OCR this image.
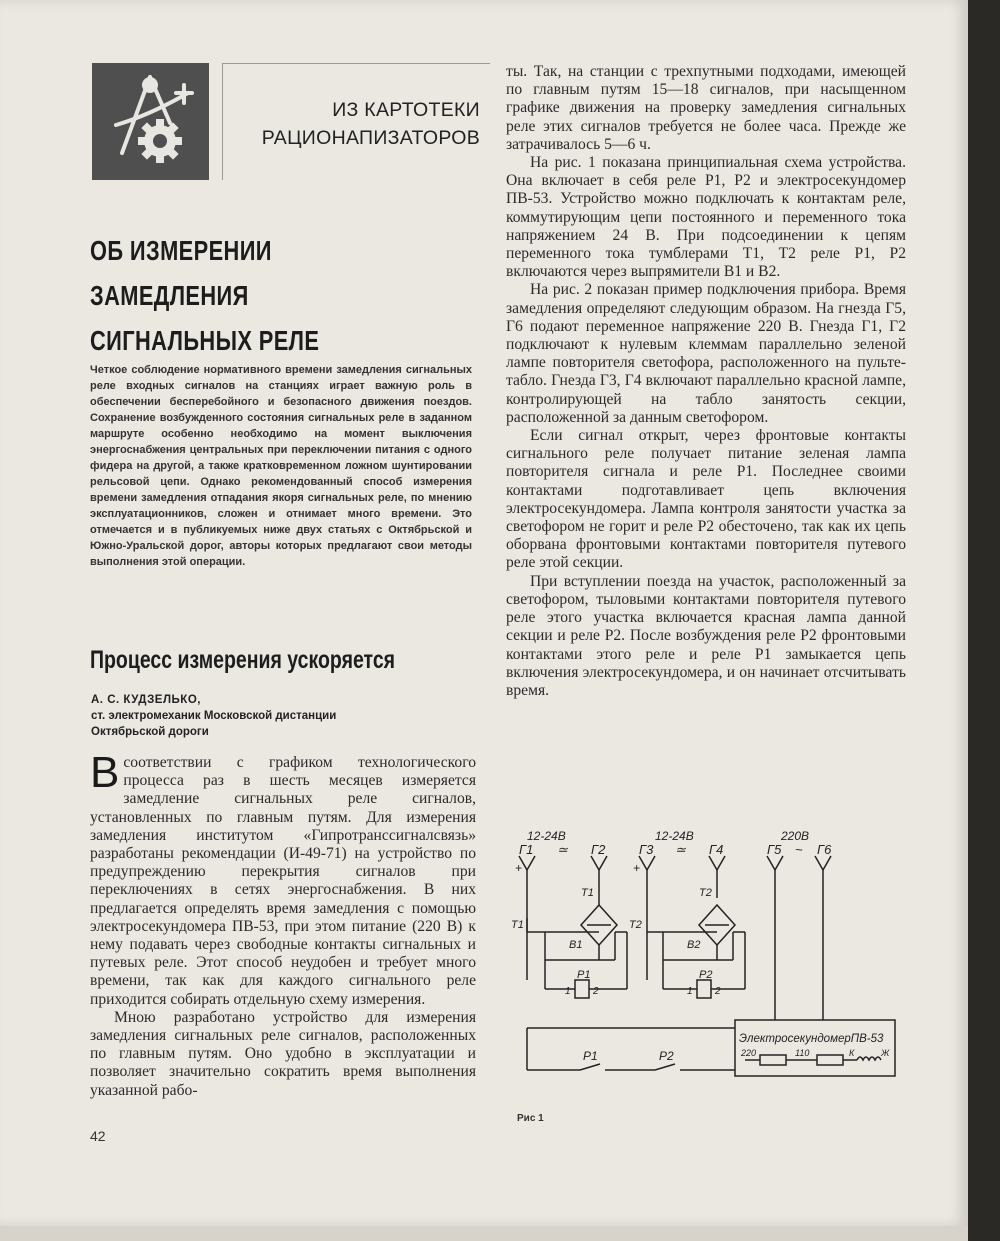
ИЗ КАРТОТЕКИ
РАЦИОНАПИЗАТОРОВ
ОБ ИЗМЕРЕНИИ ЗАМЕДЛЕНИЯ
СИГНАЛЬНЫХ РЕЛЕ
Четкое соблюдение нормативного времени замедления сигнальных реле входных сигналов на станциях играет важную роль в обеспечении бесперебойного и безопасного движения поездов. Сохранение возбужденного состояния сигнальных реле в заданном маршруте особенно необходимо на момент выключения энергоснабжения центральных при переключении питания с одного фидера на другой, а также кратковременном ложном шунтировании рельсовой цепи. Однако рекомендованный способ измерения времени замедления отпадания якоря сигнальных реле, по мнению эксплуатационников, сложен и отнимает много времени. Это отмечается и в публикуемых ниже двух статьях с Октябрьской и Южно-Уральской дорог, авторы которых предлагают свои методы выполнения этой операции.
Процесс измерения ускоряется
А. С. КУДЗЕЛЬКО,
ст. электромеханик Московской дистанции
Октябрьской дороги

Всоответствии с графиком технологического процесса раз в шесть месяцев измеряется замедление сигнальных реле сигналов, установленных по главным путям. Для измерения замедления институтом «Гипротранссигналсвязь» разработаны рекомендации (И-49-71) на устройство по предупреждению перекрытия сигналов при переключениях в сетях энергоснабжения. В них предлагается определять время замедления с помощью электросекундомера ПВ-53, при этом питание (220 В) к нему подавать через свободные контакты сигнальных и путевых реле. Этот способ неудобен и требует много времени, так как для каждого сигнального реле приходится собирать отдельную схему измерения.

Мною разработано устройство для измерения замедления сигнальных реле сигналов, расположенных по главным путям. Оно удобно в эксплуатации и позволяет значительно сократить время выполнения указанной рабо-

ты. Так, на станции с трехпутными подходами, имеющей по главным путям 15—18 сигналов, при насыщенном графике движения на проверку замедления сигнальных реле этих сигналов требуется не более часа. Прежде же затрачивалось 5—6 ч.

На рис. 1 показана принципиальная схема устройства. Она включает в себя реле Р1, Р2 и электросекундомер ПВ-53. Устройство можно подключать к контактам реле, коммутирующим цепи постоянного и переменного тока напряжением 24 В. При подсоединении к цепям переменного тока тумблерами Т1, Т2 реле Р1, Р2 включаются через выпрямители В1 и В2.

На рис. 2 показан пример подключения прибора. Время замедления определяют следующим образом. На гнезда Г5, Г6 подают переменное напряжение 220 В. Гнезда Г1, Г2 подключают к нулевым клеммам параллельно зеленой лампе повторителя светофора, расположенного на пульте-табло. Гнезда Г3, Г4 включают параллельно красной лампе, контролирующей на табло занятость секции, расположенной за данным светофором.

Если сигнал открыт, через фронтовые контакты сигнального реле получает питание зеленая лампа повторителя сигнала и реле Р1. Последнее своими контактами подготавливает цепь включения электросекундомера. Лампа контроля занятости участка за светофором не горит и реле Р2 обесточено, так как их цепь оборвана фронтовыми контактами повторителя путевого реле этой секции.

При вступлении поезда на участок, расположенный за светофором, тыловыми контактами повторителя путевого реле этого участка включается красная лампа данной секции и реле Р2. После возбуждения реле Р2 фронтовыми контактами этого реле и реле Р1 замыкается цепь включения электросекундомера, и он начинает отсчитывать время.

12-24В	12-24В	220В
Г1	Г2	Г3	Г4	Г5	Г6
≃	≃	~
+	+
Т1
Т1
Т2
Т2
В1	В2
Р1	Р2
1 2	1 2
Р1	Р2
ЭлектросекундомерПВ-53
220	110	К	Ж
Рис 1
42
